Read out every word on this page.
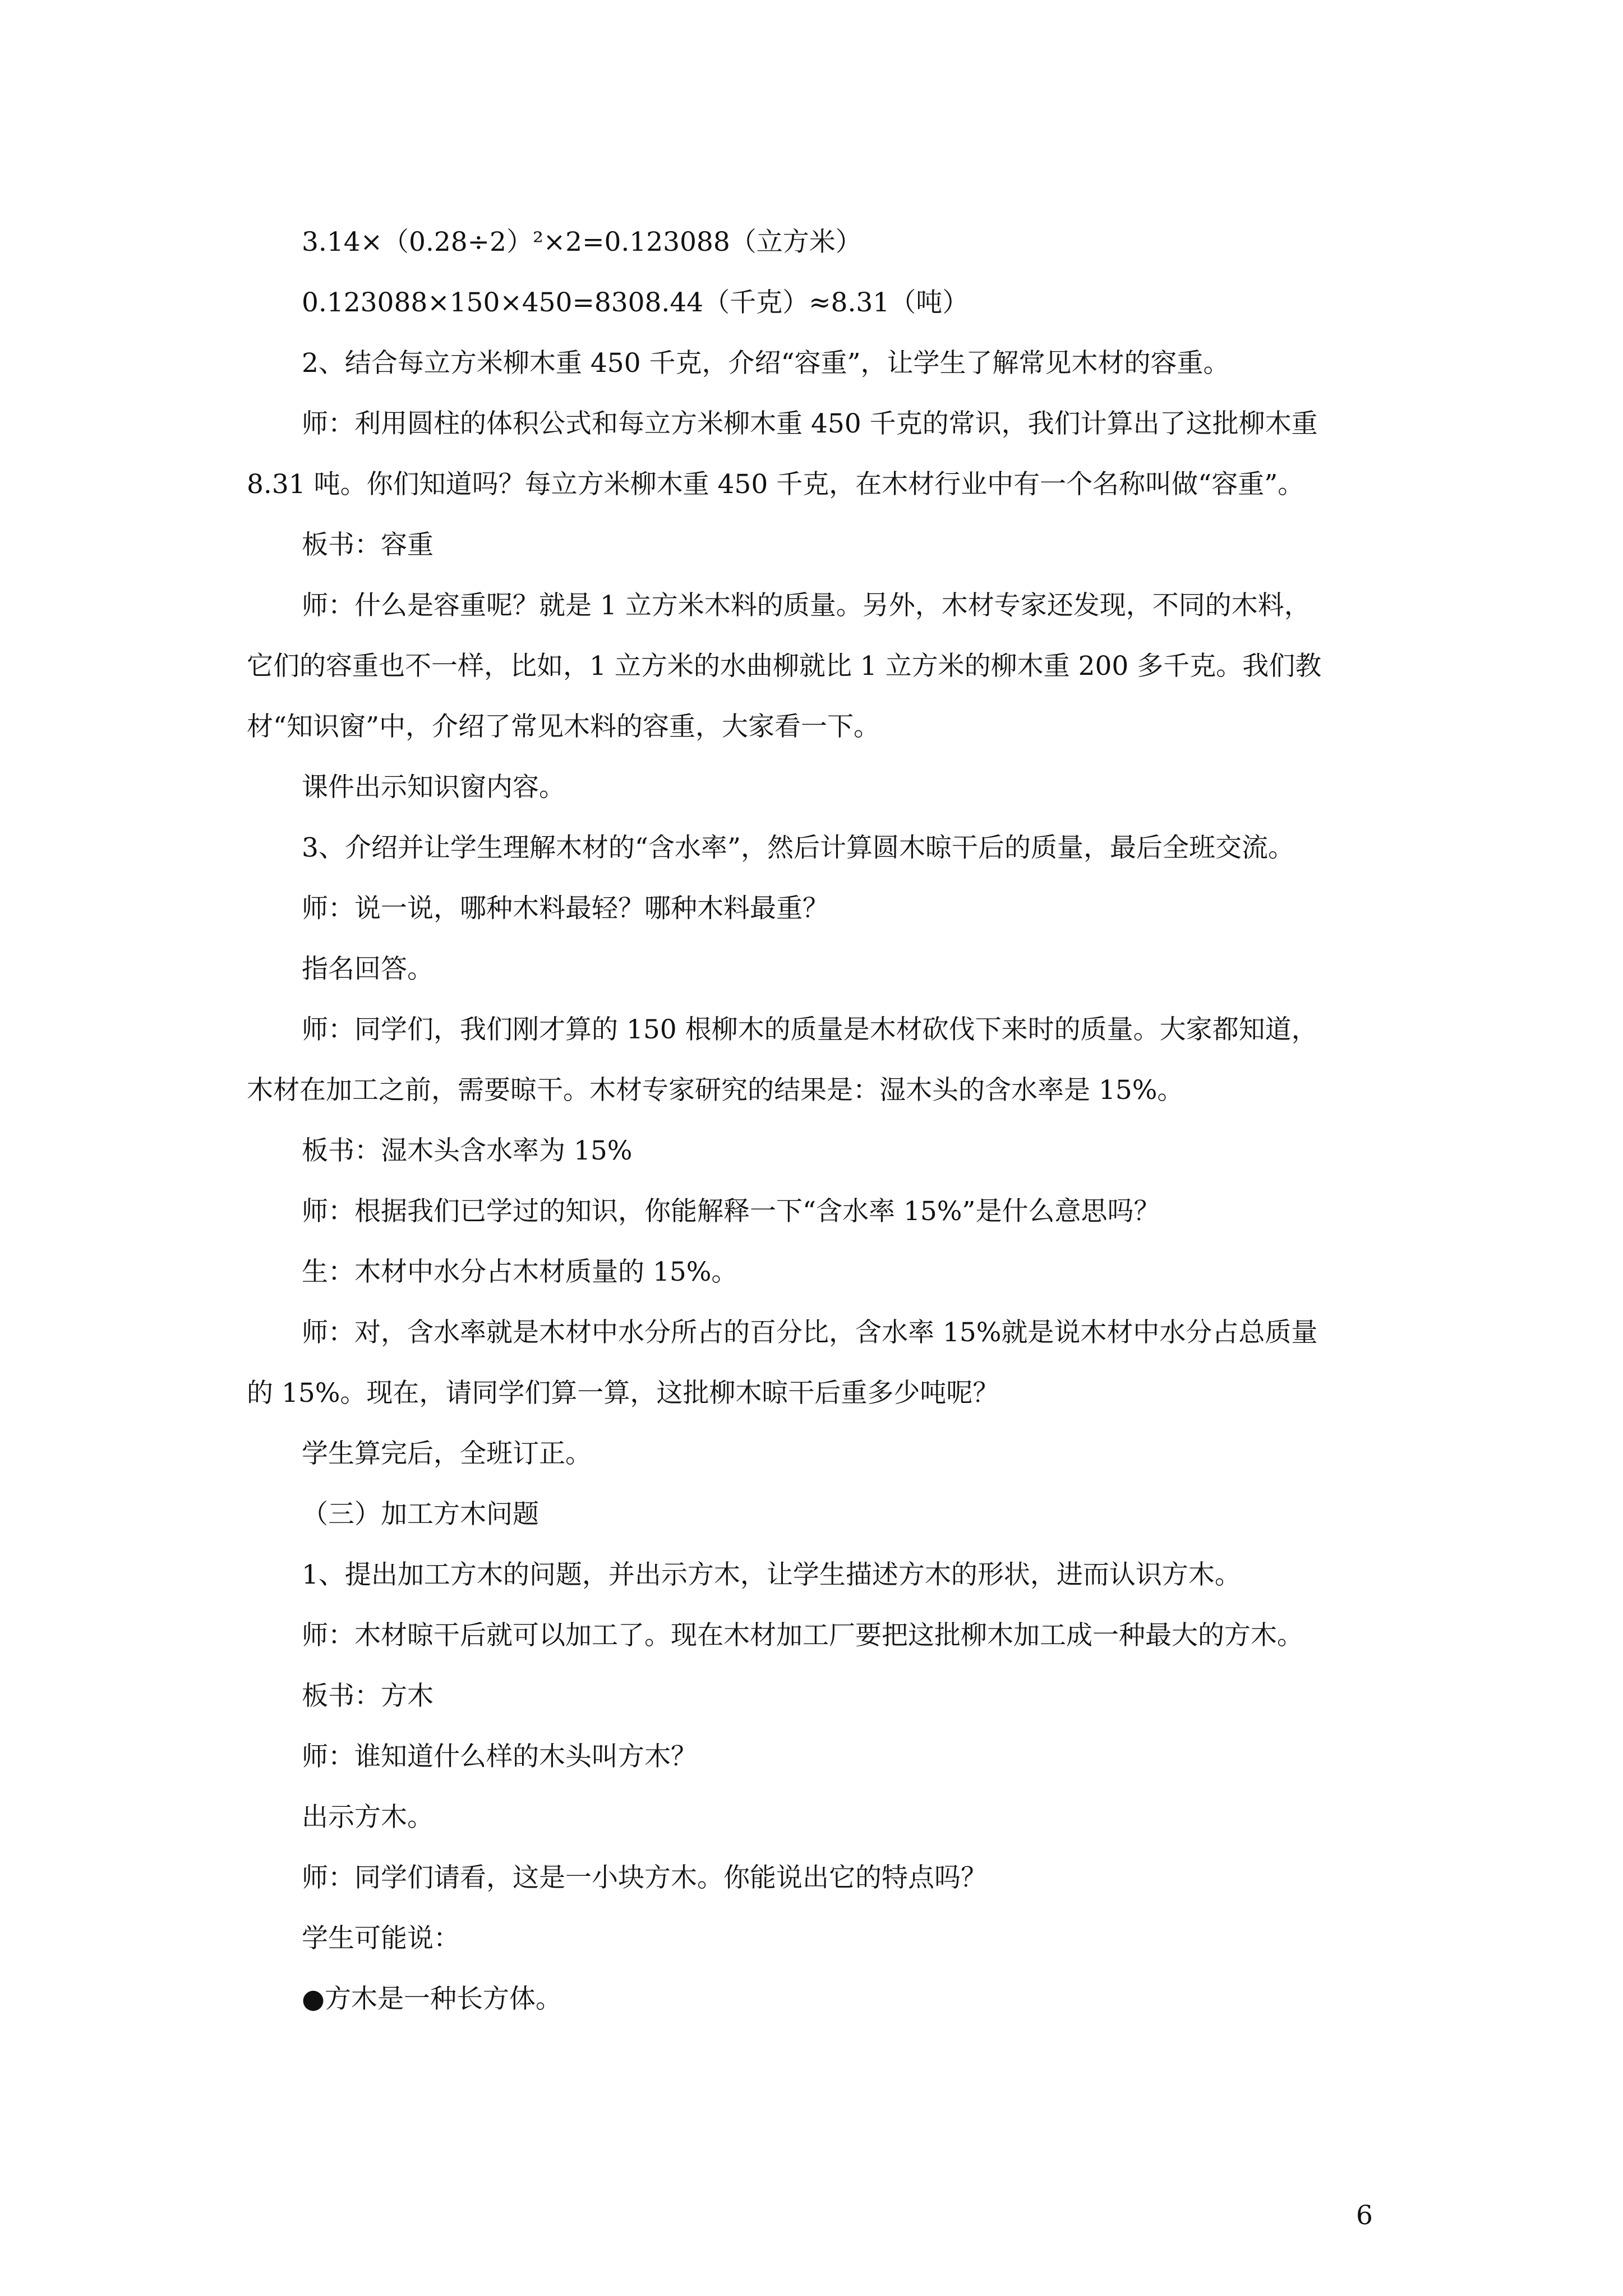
3.14×（0.28÷2）²×2=0.123088（立方米）
0.123088×150×450=8308.44（千克）≈8.31（吨）
2、结合每立方米柳木重 450 千克，介绍“容重”，让学生了解常见木材的容重。
师：利用圆柱的体积公式和每立方米柳木重 450 千克的常识，我们计算出了这批柳木重
8.31 吨。你们知道吗？每立方米柳木重 450 千克，在木材行业中有一个名称叫做“容重”。
板书：容重
师：什么是容重呢？就是 1 立方米木料的质量。另外，木材专家还发现，不同的木料，
它们的容重也不一样，比如，1 立方米的水曲柳就比 1 立方米的柳木重 200 多千克。我们教
材“知识窗”中，介绍了常见木料的容重，大家看一下。
课件出示知识窗内容。
3、介绍并让学生理解木材的“含水率”，然后计算圆木晾干后的质量，最后全班交流。
师：说一说，哪种木料最轻？哪种木料最重？
指名回答。
师：同学们，我们刚才算的 150 根柳木的质量是木材砍伐下来时的质量。大家都知道，
木材在加工之前，需要晾干。木材专家研究的结果是：湿木头的含水率是 15%。
板书：湿木头含水率为 15%
师：根据我们已学过的知识，你能解释一下“含水率 15%”是什么意思吗？
生：木材中水分占木材质量的 15%。
师：对，含水率就是木材中水分所占的百分比，含水率 15%就是说木材中水分占总质量
的 15%。现在，请同学们算一算，这批柳木晾干后重多少吨呢？
学生算完后，全班订正。
（三）加工方木问题
1、提出加工方木的问题，并出示方木，让学生描述方木的形状，进而认识方木。
师：木材晾干后就可以加工了。现在木材加工厂要把这批柳木加工成一种最大的方木。
板书：方木
师：谁知道什么样的木头叫方木？
出示方木。
师：同学们请看，这是一小块方木。你能说出它的特点吗？
学生可能说：
●方木是一种长方体。
6
